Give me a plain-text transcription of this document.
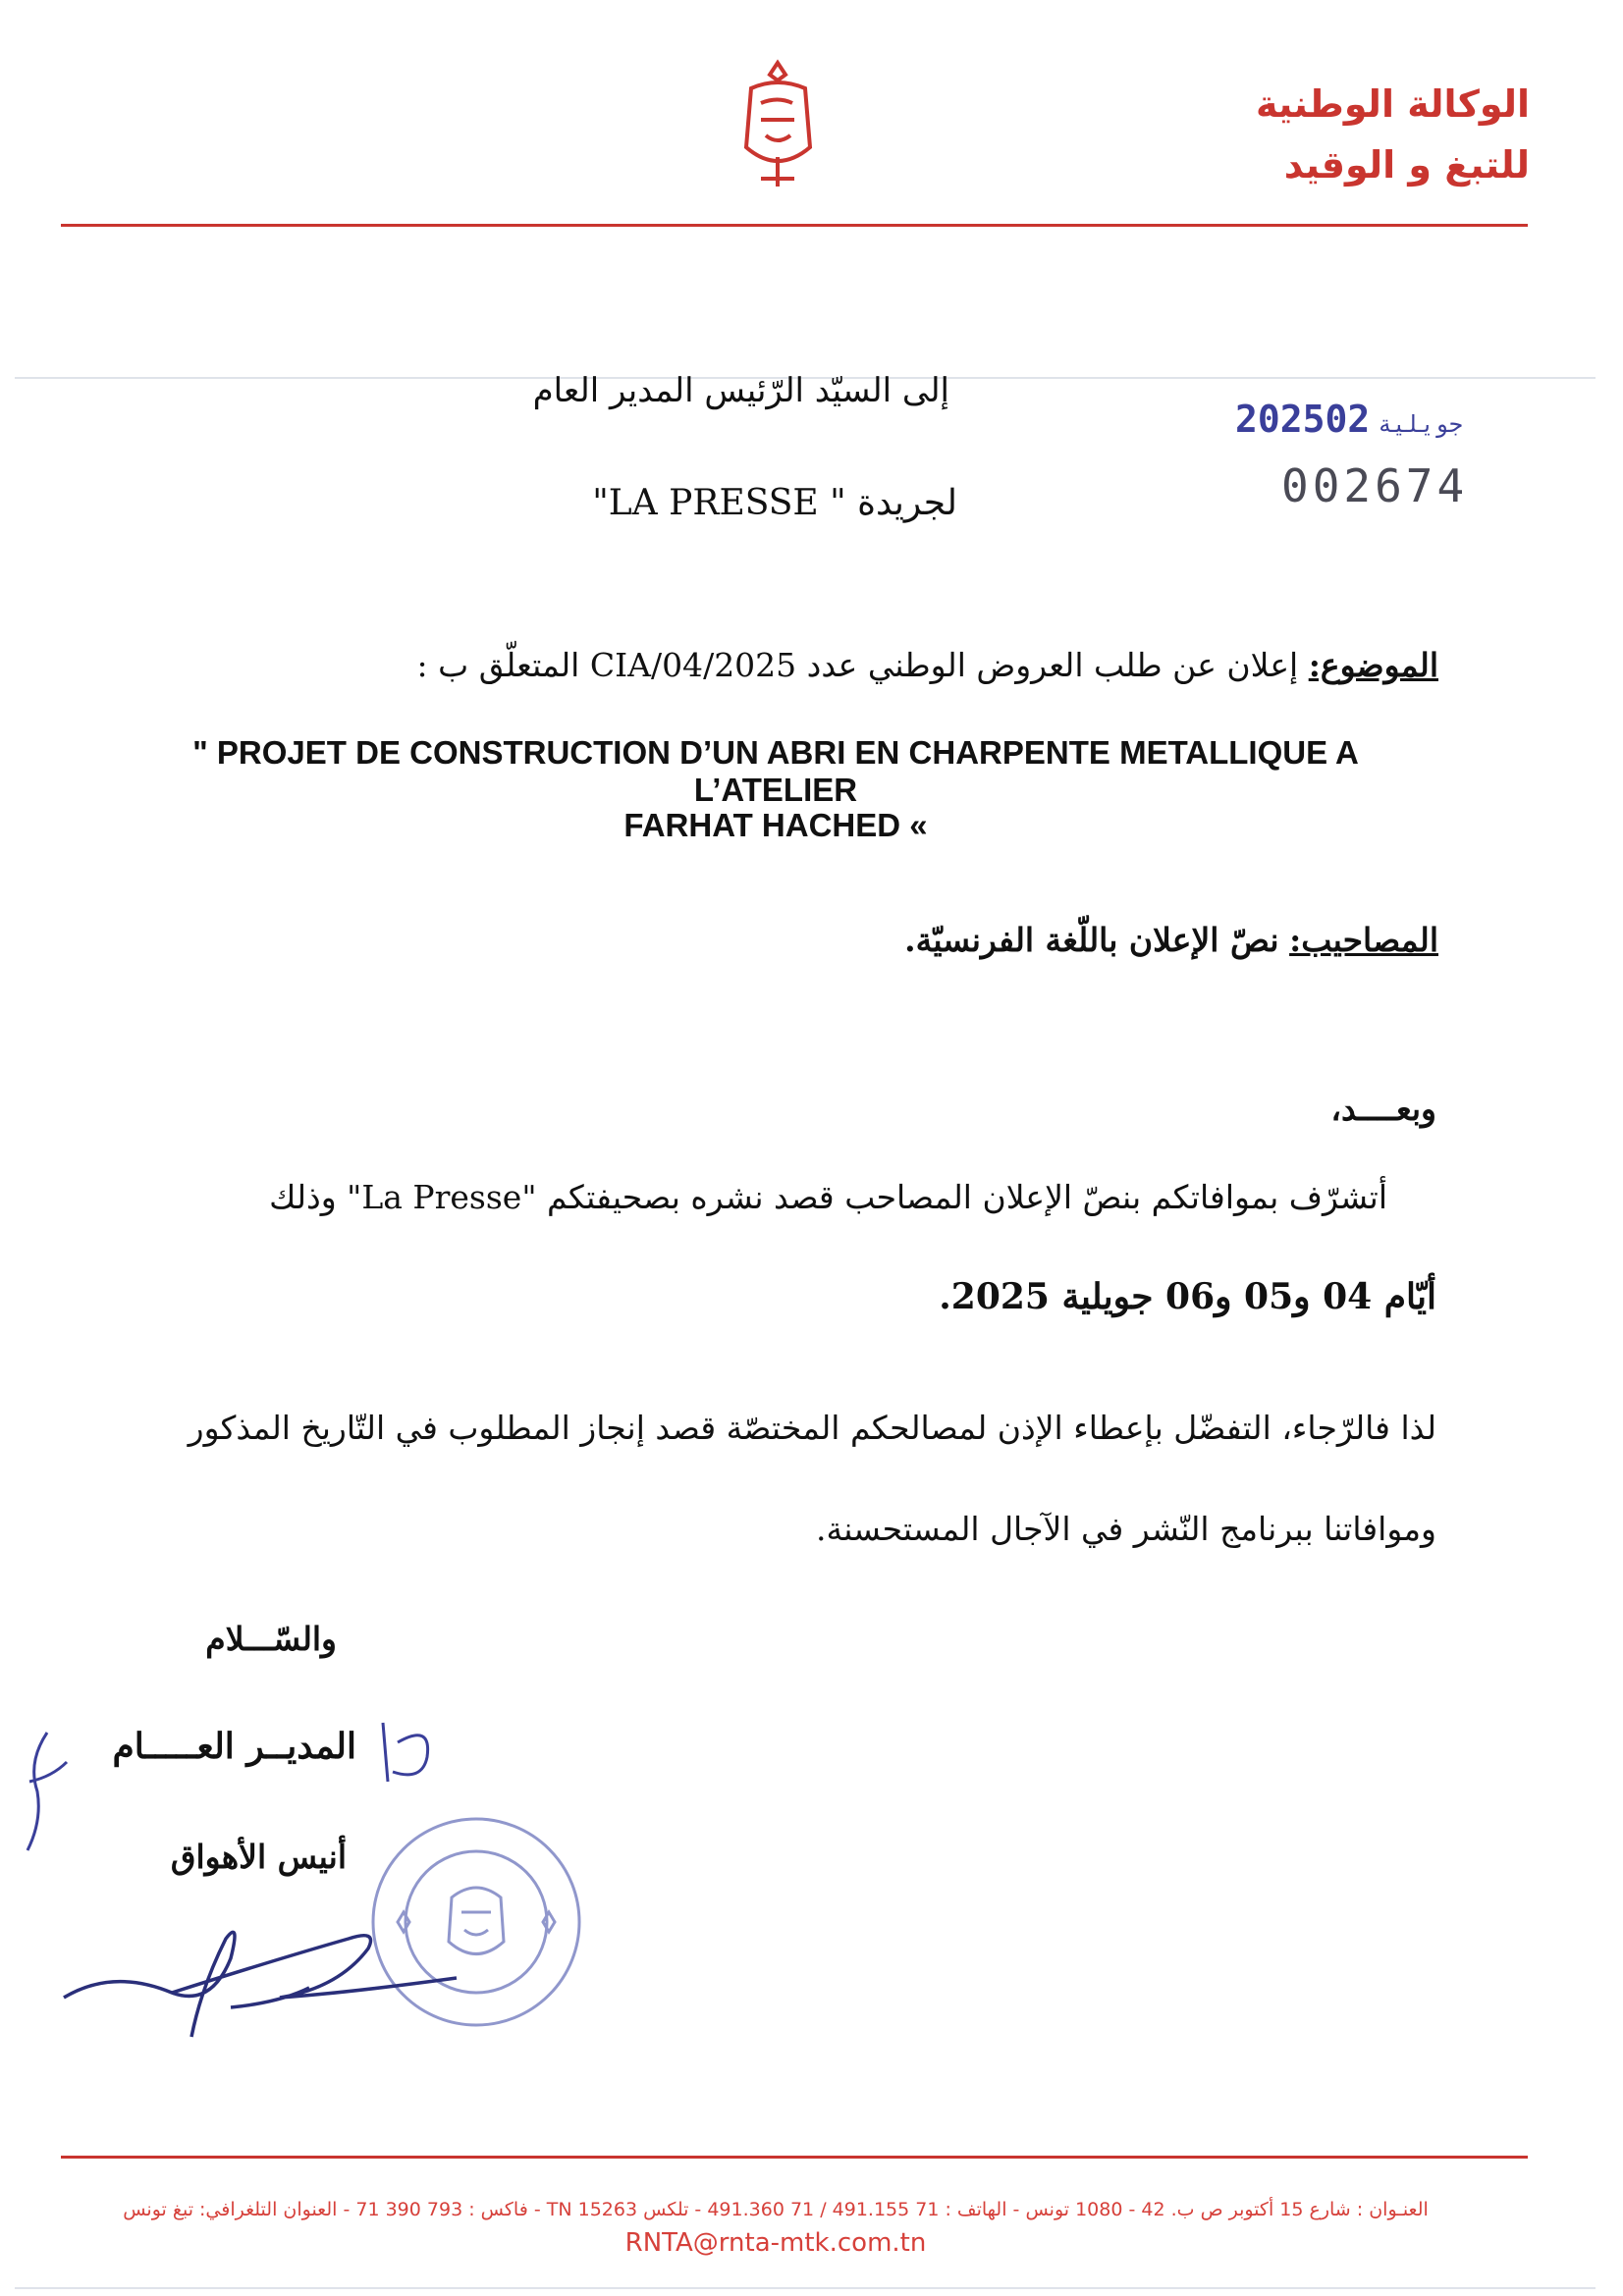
الوكالة الوطنية
للتبغ و الوقيد
2025 جويلية02
002674
إلى السيّد الرّئيس المدير العام
لجريدة " LA PRESSE"
الموضوع: إعلان عن طلب العروض الوطني عدد 2025/CIA/04 المتعلّق ب :
" PROJET DE CONSTRUCTION D’UN ABRI EN CHARPENTE METALLIQUE A L’ATELIER
FARHAT HACHED «
المصاحيب: نصّ الإعلان باللّغة الفرنسيّة.
وبعــــد،
أتشرّف بموافاتكم بنصّ الإعلان المصاحب قصد نشره بصحيفتكم "La Presse" وذلك
أيّام 04 و05 و06 جويلية 2025.
لذا فالرّجاء، التفضّل بإعطاء الإذن لمصالحكم المختصّة قصد إنجاز المطلوب في التّاريخ المذكور
وموافاتنا ببرنامج النّشر في الآجال المستحسنة.
والسّـــلام
المديــر العـــــام
أنيس الأهواق
العنـوان : شارع 15 أكتوبر ص ب. 42 - 1080 تونس - الهاتف : 71 491.155 / 71 491.360 - تلكس 15263 TN - فاكس : 793 390 71 - العنوان التلغرافي: تبغ تونس
RNTA@rnta-mtk.com.tn
